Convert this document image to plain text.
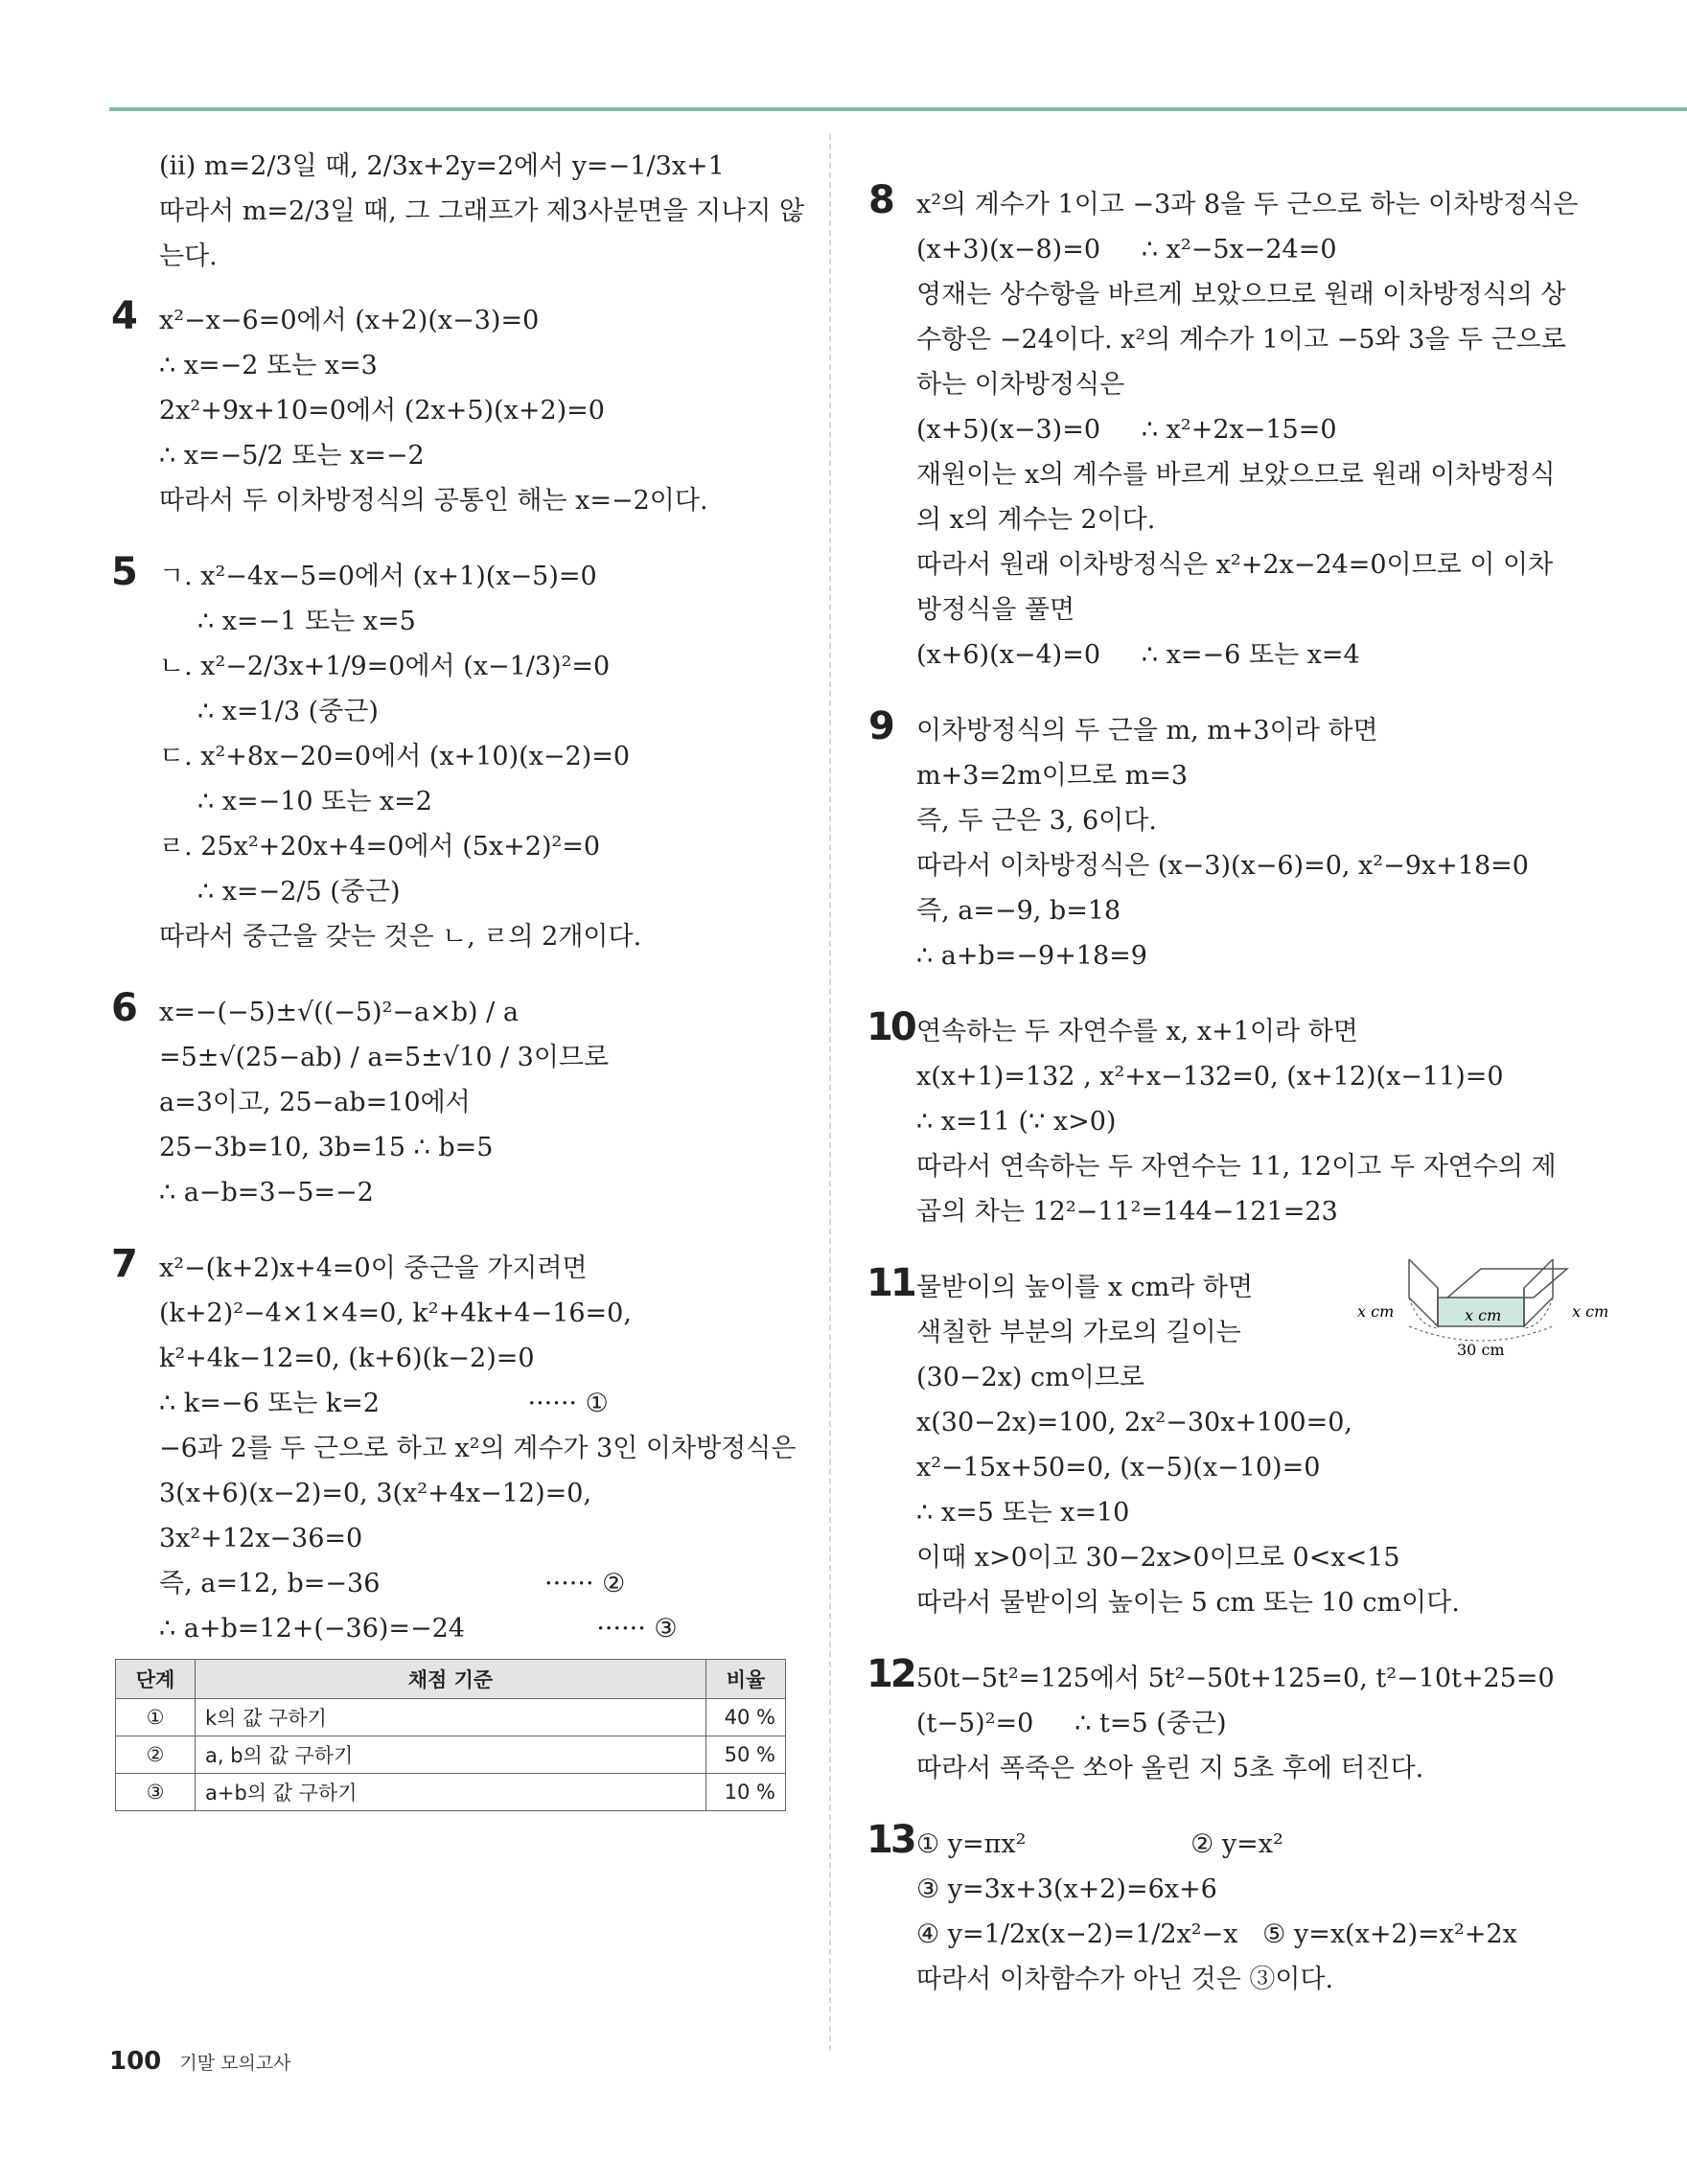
(ii) m=2/3일 때, 2/3x+2y=2에서 y=−1/3x+1
따라서 m=2/3일 때, 그 그래프가 제3사분면을 지나지 않
는다.
4 x²−x−6=0에서 (x+2)(x−3)=0
∴ x=−2 또는 x=3
2x²+9x+10=0에서 (2x+5)(x+2)=0
∴ x=−5/2 또는 x=−2
따라서 두 이차방정식의 공통인 해는 x=−2이다.
5 ㄱ. x²−4x−5=0에서 (x+1)(x−5)=0
∴ x=−1 또는 x=5
ㄴ. x²−2/3x+1/9=0에서 (x−1/3)²=0
∴ x=1/3 (중근)
ㄷ. x²+8x−20=0에서 (x+10)(x−2)=0
∴ x=−10 또는 x=2
ㄹ. 25x²+20x+4=0에서 (5x+2)²=0
∴ x=−2/5 (중근)
따라서 중근을 갖는 것은 ㄴ, ㄹ의 2개이다.
6 x=−(−5)±√((−5)²−a×b) / a
=5±√(25−ab) / a=5±√10 / 3이므로
a=3이고, 25−ab=10에서
25−3b=10, 3b=15 ∴ b=5
∴ a−b=3−5=−2
7 x²−(k+2)x+4=0이 중근을 가지려면
(k+2)²−4×1×4=0, k²+4k+4−16=0,
k²+4k−12=0, (k+6)(k−2)=0
∴ k=−6 또는 k=2                  ······ ①
−6과 2를 두 근으로 하고 x²의 계수가 3인 이차방정식은
3(x+6)(x−2)=0, 3(x²+4x−12)=0,
3x²+12x−36=0
즉, a=12, b=−36                    ······ ②
∴ a+b=12+(−36)=−24                ······ ③
단계	채점 기준	비율
①	k의 값 구하기	40 %
②	a, b의 값 구하기	50 %
③	a+b의 값 구하기	10 %
8 x²의 계수가 1이고 −3과 8을 두 근으로 하는 이차방정식은
(x+3)(x−8)=0     ∴ x²−5x−24=0
영재는 상수항을 바르게 보았으므로 원래 이차방정식의 상
수항은 −24이다. x²의 계수가 1이고 −5와 3을 두 근으로
하는 이차방정식은
(x+5)(x−3)=0     ∴ x²+2x−15=0
재원이는 x의 계수를 바르게 보았으므로 원래 이차방정식
의 x의 계수는 2이다.
따라서 원래 이차방정식은 x²+2x−24=0이므로 이 이차
방정식을 풀면
(x+6)(x−4)=0     ∴ x=−6 또는 x=4
9 이차방정식의 두 근을 m, m+3이라 하면
m+3=2m이므로 m=3
즉, 두 근은 3, 6이다.
따라서 이차방정식은 (x−3)(x−6)=0, x²−9x+18=0
즉, a=−9, b=18
∴ a+b=−9+18=9
10 연속하는 두 자연수를 x, x+1이라 하면
x(x+1)=132 , x²+x−132=0, (x+12)(x−11)=0
∴ x=11 (∵ x>0)
따라서 연속하는 두 자연수는 11, 12이고 두 자연수의 제
곱의 차는 12²−11²=144−121=23
11
x cm	x cm	x cm
30 cm
물받이의 높이를 x cm라 하면
색칠한 부분의 가로의 길이는
(30−2x) cm이므로
x(30−2x)=100, 2x²−30x+100=0,
x²−15x+50=0, (x−5)(x−10)=0
∴ x=5 또는 x=10
이때 x>0이고 30−2x>0이므로 0<x<15
따라서 물받이의 높이는 5 cm 또는 10 cm이다.
12 50t−5t²=125에서 5t²−50t+125=0, t²−10t+25=0
(t−5)²=0     ∴ t=5 (중근)
따라서 폭죽은 쏘아 올린 지 5초 후에 터진다.
13 ① y=πx²                    ② y=x²
③ y=3x+3(x+2)=6x+6
④ y=1/2x(x−2)=1/2x²−x   ⑤ y=x(x+2)=x²+2x
따라서 이차함수가 아닌 것은 ③이다.
100 기말 모의고사
